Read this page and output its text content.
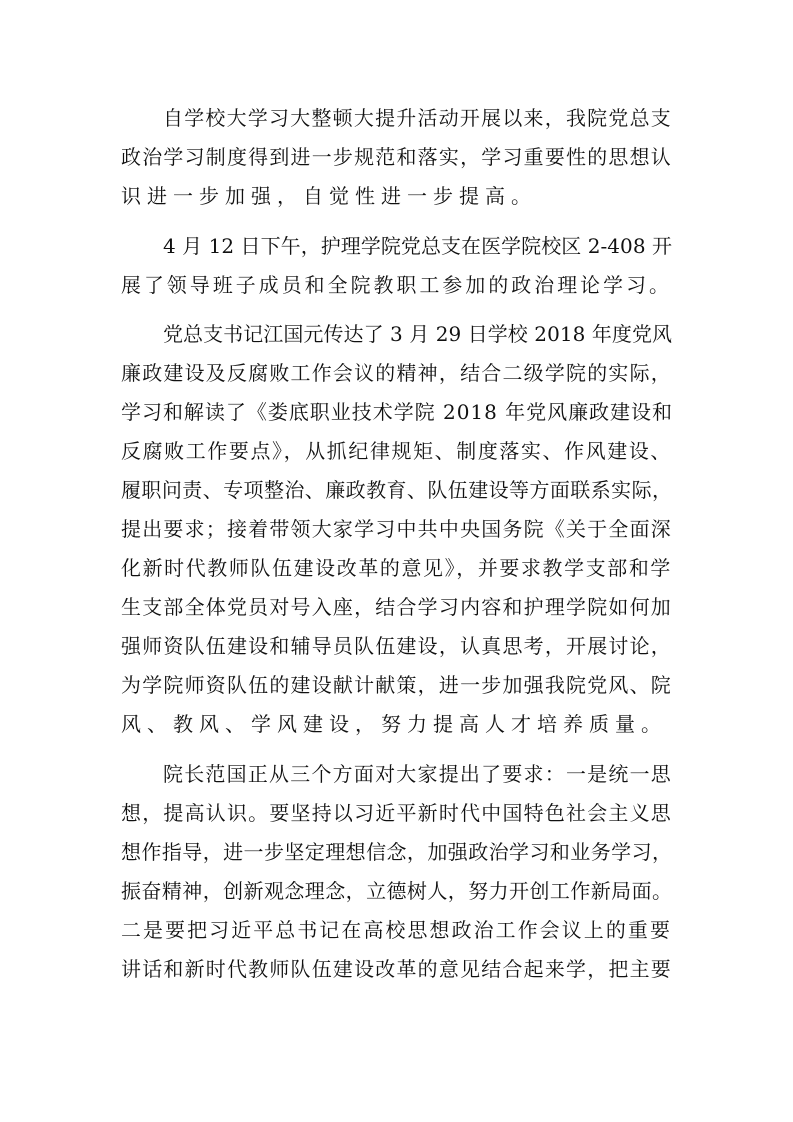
自学校大学习大整顿大提升活动开展以来，我院党总支
政治学习制度得到进一步规范和落实，学习重要性的思想认
识进一步加强，自觉性进一步提高。
4 月 12 日下午，护理学院党总支在医学院校区 2-408 开
展了领导班子成员和全院教职工参加的政治理论学习。
党总支书记江国元传达了 3 月 29 日学校 2018 年度党风
廉政建设及反腐败工作会议的精神，结合二级学院的实际，
学习和解读了《娄底职业技术学院 2018 年党风廉政建设和
反腐败工作要点》，从抓纪律规矩、制度落实、作风建设、
履职问责、专项整治、廉政教育、队伍建设等方面联系实际，
提出要求；接着带领大家学习中共中央国务院《关于全面深
化新时代教师队伍建设改革的意见》，并要求教学支部和学
生支部全体党员对号入座，结合学习内容和护理学院如何加
强师资队伍建设和辅导员队伍建设，认真思考，开展讨论，
为学院师资队伍的建设献计献策，进一步加强我院党风、院
风、教风、学风建设，努力提高人才培养质量。
院长范国正从三个方面对大家提出了要求：一是统一思
想，提高认识。要坚持以习近平新时代中国特色社会主义思
想作指导，进一步坚定理想信念，加强政治学习和业务学习，
振奋精神，创新观念理念，立德树人，努力开创工作新局面。
二是要把习近平总书记在高校思想政治工作会议上的重要
讲话和新时代教师队伍建设改革的意见结合起来学，把主要
